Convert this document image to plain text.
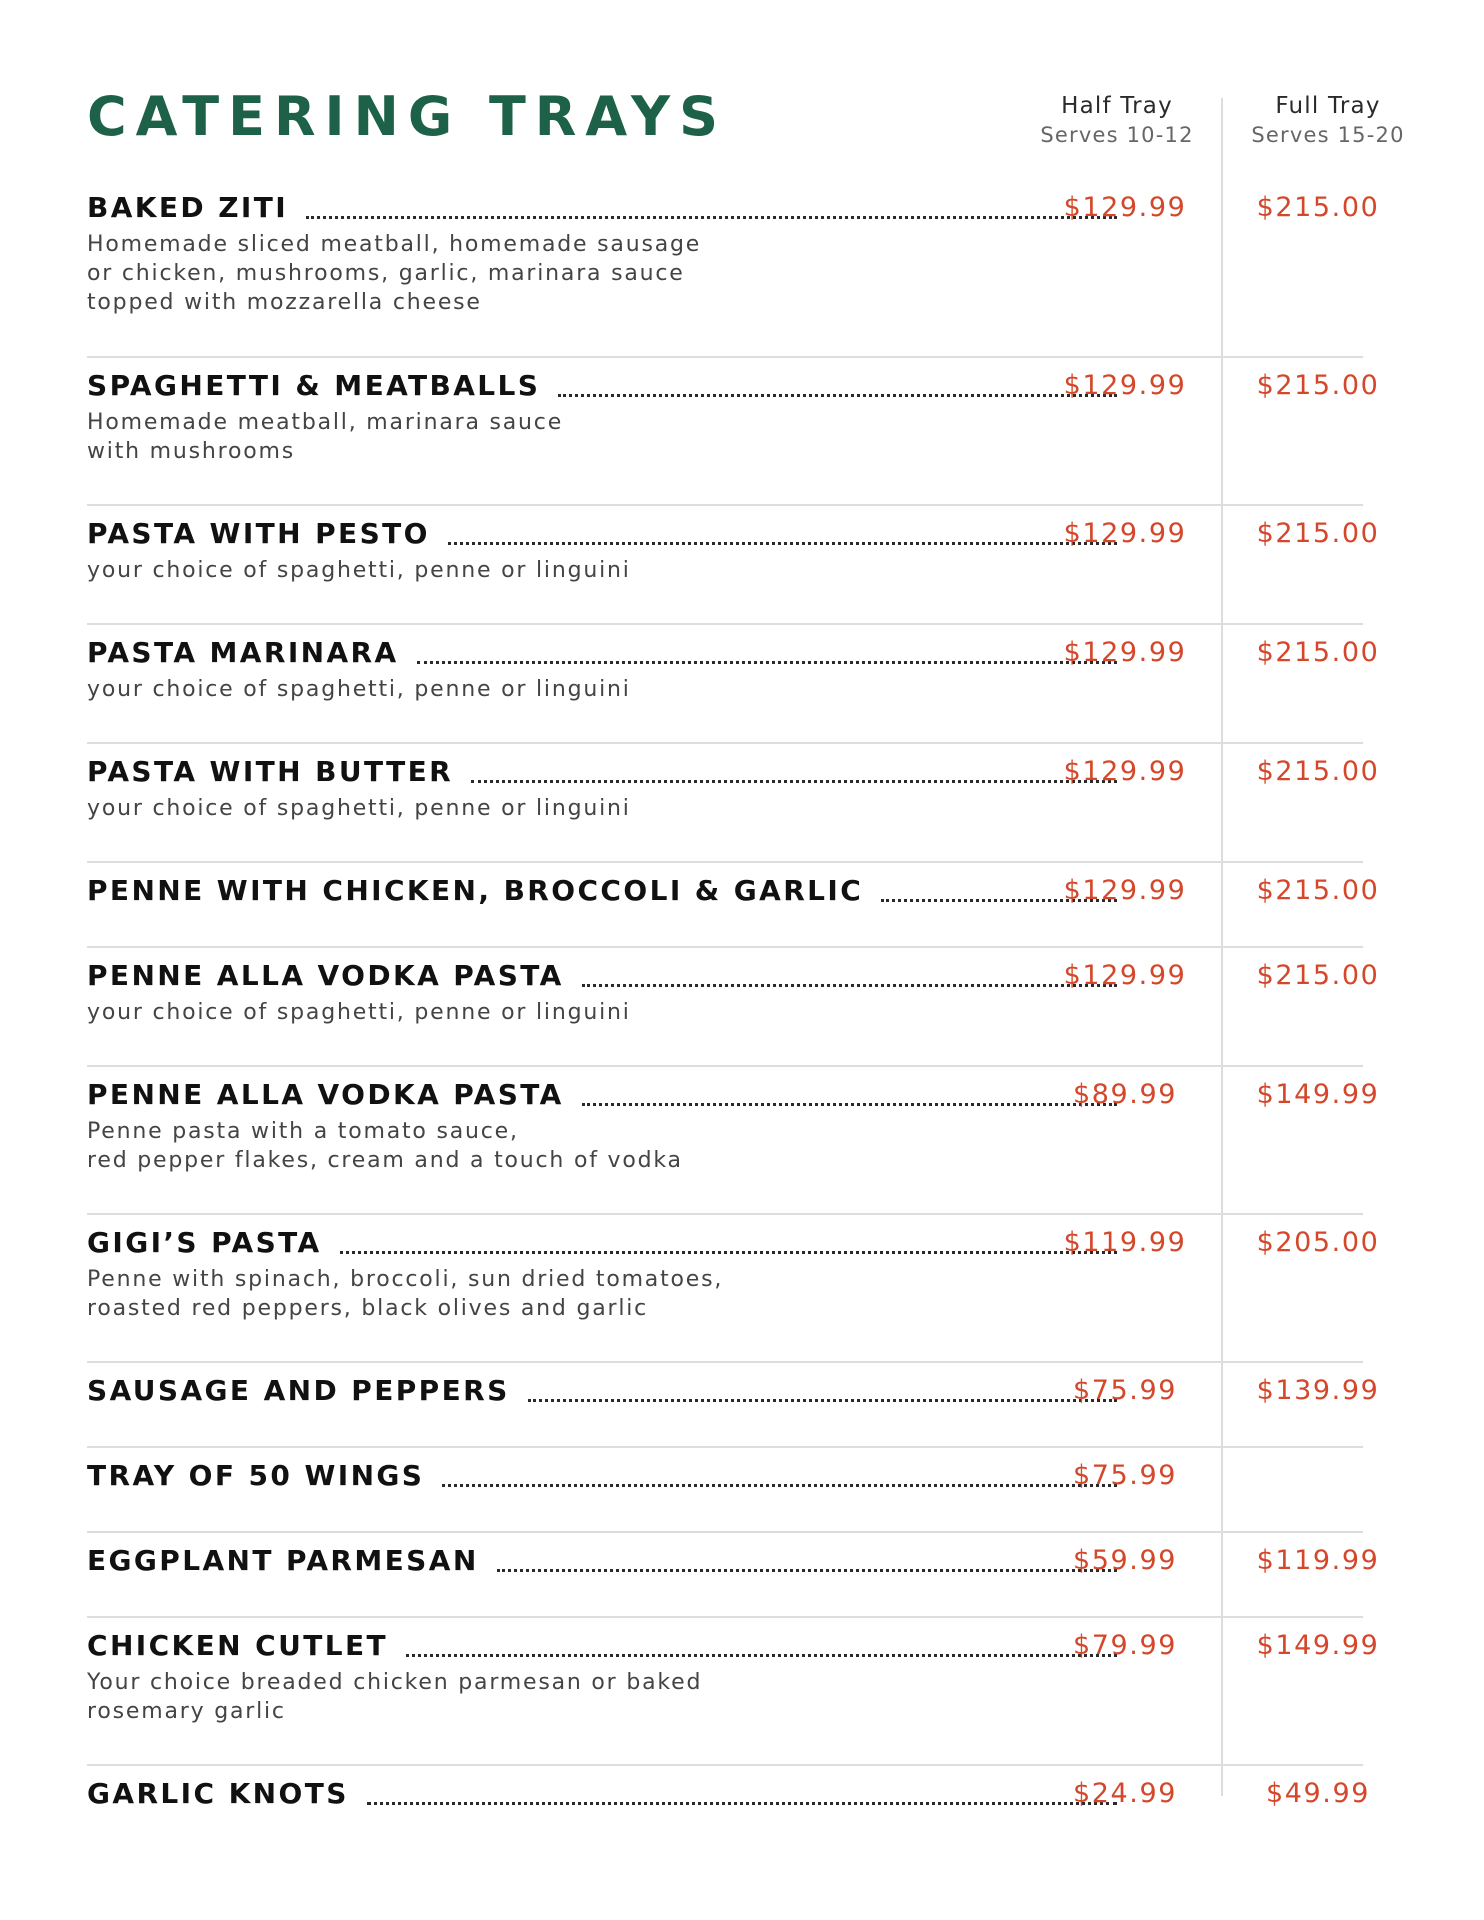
CATERING TRAYS	Half Tray
Serves 10-12
Full Tray
Serves 15-20
BAKED ZITI	$129.99	$215.00
Homemade sliced meatball, homemade sausage
or chicken, mushrooms, garlic, marinara sauce
topped with mozzarella cheese
SPAGHETTI & MEATBALLS	$129.99	$215.00
Homemade meatball, marinara sauce
with mushrooms
PASTA WITH PESTO	$129.99	$215.00
your choice of spaghetti, penne or linguini
PASTA MARINARA	$129.99	$215.00
your choice of spaghetti, penne or linguini
PASTA WITH BUTTER	$129.99	$215.00
your choice of spaghetti, penne or linguini
PENNE WITH CHICKEN, BROCCOLI & GARLIC	$129.99	$215.00
PENNE ALLA VODKA PASTA	$129.99	$215.00
your choice of spaghetti, penne or linguini
PENNE ALLA VODKA PASTA	$89.99	$149.99
Penne pasta with a tomato sauce,
red pepper flakes, cream and a touch of vodka
GIGI’S PASTA	$119.99	$205.00
Penne with spinach, broccoli, sun dried tomatoes,
roasted red peppers, black olives and garlic
SAUSAGE AND PEPPERS	$75.99	$139.99
TRAY OF 50 WINGS	$75.99
EGGPLANT PARMESAN	$59.99	$119.99
CHICKEN CUTLET	$79.99	$149.99
Your choice breaded chicken parmesan or baked
rosemary garlic
GARLIC KNOTS	$24.99	$49.99
